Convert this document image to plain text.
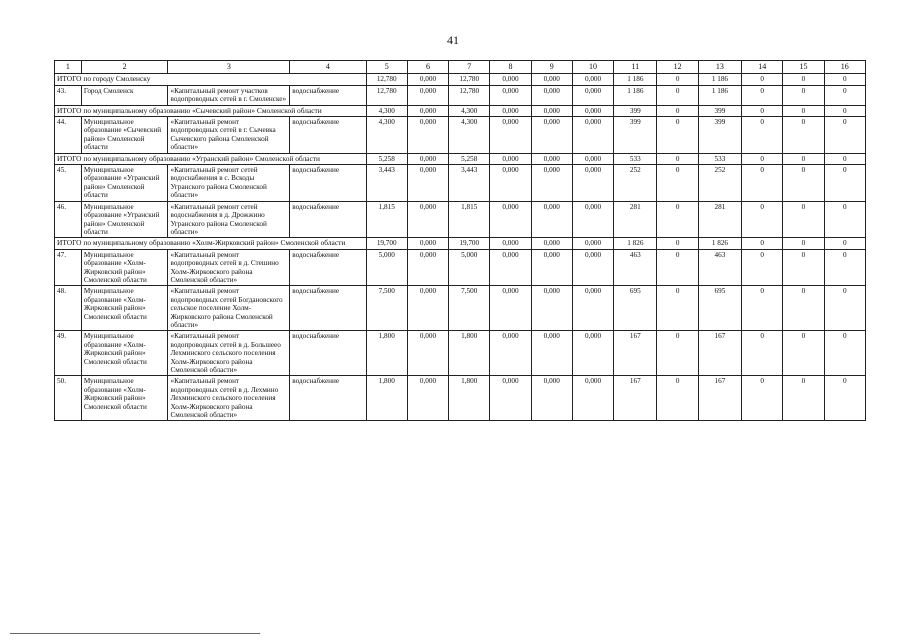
41
1	2	3	4	5	6	7	8	9	10	11	12	13	14	15	16
ИТОГО по городу Смоленску				12,780	0,000	12,780	0,000	0,000	0,000	1 186	0	1 186	0	0	0
43.	Город Смоленск	«Капитальный ремонт участков водопроводных сетей в г. Смоленске»	водоснабжение	12,780	0,000	12,780	0,000	0,000	0,000	1 186	0	1 186	0	0	0
ИТОГО по муниципальному образованию «Сычевский район» Смоленской области				4,300	0,000	4,300	0,000	0,000	0,000	399	0	399	0	0	0
44.	Муниципальное образование «Сычевский район» Смоленской области	«Капитальный ремонт водопроводных сетей в г. Сычевка Сычевского района Смоленской области»	водоснабжение	4,300	0,000	4,300	0,000	0,000	0,000	399	0	399	0	0	0
ИТОГО по муниципальному образованию «Угранский район» Смоленской области				5,258	0,000	5,258	0,000	0,000	0,000	533	0	533	0	0	0
45.	Муниципальное образование «Угранский район» Смоленской области	«Капитальный ремонт сетей водоснабжения в с. Вскоды Угранского района Смоленской области»	водоснабжение	3,443	0,000	3,443	0,000	0,000	0,000	252	0	252	0	0	0
46.	Муниципальное образование «Угранский район» Смоленской области	«Капитальный ремонт сетей водоснабжения в д. Дрожжино Угранского района Смоленской области»	водоснабжение	1,815	0,000	1,815	0,000	0,000	0,000	281	0	281	0	0	0
ИТОГО по муниципальному образованию «Холм-Жирковский район» Смоленской области				19,700	0,000	19,700	0,000	0,000	0,000	1 826	0	1 826	0	0	0
47.	Муниципальное образование «Холм-Жирковский район» Смоленской области	«Капитальный ремонт водопроводных сетей в д. Стешино Холм-Жирковского района Смоленской области»	водоснабжение	5,000	0,000	5,000	0,000	0,000	0,000	463	0	463	0	0	0
48.	Муниципальное образование «Холм-Жирковский район» Смоленской области	«Капитальный ремонт водопроводных сетей Богдановского сельское поселение Холм-Жирковского района Смоленской области»	водоснабжение	7,500	0,000	7,500	0,000	0,000	0,000	695	0	695	0	0	0
49.	Муниципальное образование «Холм-Жирковский район» Смоленской области	«Капитальный ремонт водопроводных сетей в д. Большеео Лехминского сельского поселения Холм-Жирковского района Смоленской области»	водоснабжение	1,800	0,000	1,800	0,000	0,000	0,000	167	0	167	0	0	0
50.	Муниципальное образование «Холм-Жирковский район» Смоленской области	«Капитальный ремонт водопроводных сетей в д. Лехмино Лехминского сельского поселения Холм-Жирковского района Смоленской области»	водоснабжение	1,800	0,000	1,800	0,000	0,000	0,000	167	0	167	0	0	0
